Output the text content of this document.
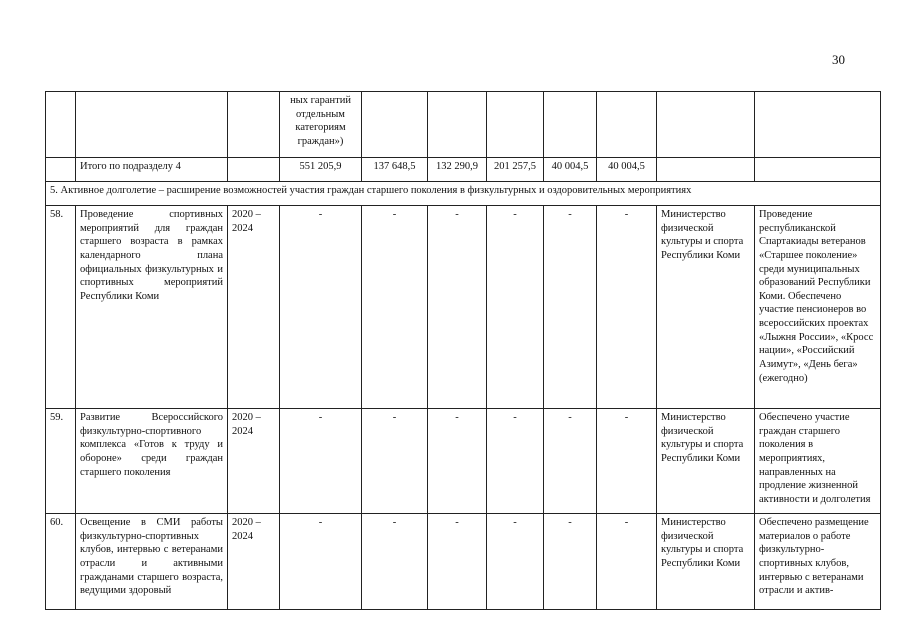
30
			ных гарантий отдельным категориям граждан»)							
	Итого по подразделу 4		551 205,9	137 648,5	132 290,9	201 257,5	40 004,5	40 004,5		
5. Активное долголетие – расширение возможностей участия граждан старшего поколения в физкультурных и оздоровительных мероприятиях										
58.	Проведение спортивных мероприятий для граждан старшего возраста в рамках календарного плана официальных физкультурных и спортивных мероприятий Республики Коми	2020 – 2024	-	-	-	-	-	-	Министерство физической культуры и спорта Республики Коми	Проведение республиканской Спартакиады ветеранов «Старшее поколение» среди муниципальных образований Республики Коми. Обеспечено участие пенсионеров во всероссийских проектах «Лыжня России», «Кросс нации», «Российский Азимут», «День бега» (ежегодно)
59.	Развитие Всероссийского физкультурно-спортивного комплекса «Готов к труду и обороне» среди граждан старшего поколения	2020 – 2024	-	-	-	-	-	-	Министерство физической культуры и спорта Республики Коми	Обеспечено участие граждан старшего поколения в мероприятиях, направленных на продление жизненной активности и долголетия
60.	Освещение в СМИ работы физкультурно-спортивных клубов, интервью с ветеранами отрасли и активными гражданами старшего возраста, ведущими здоровый	2020 – 2024	-	-	-	-	-	-	Министерство физической культуры и спорта Республики Коми	Обеспечено размещение материалов о работе физкультурно-спортивных клубов, интервью с ветеранами отрасли и актив-
